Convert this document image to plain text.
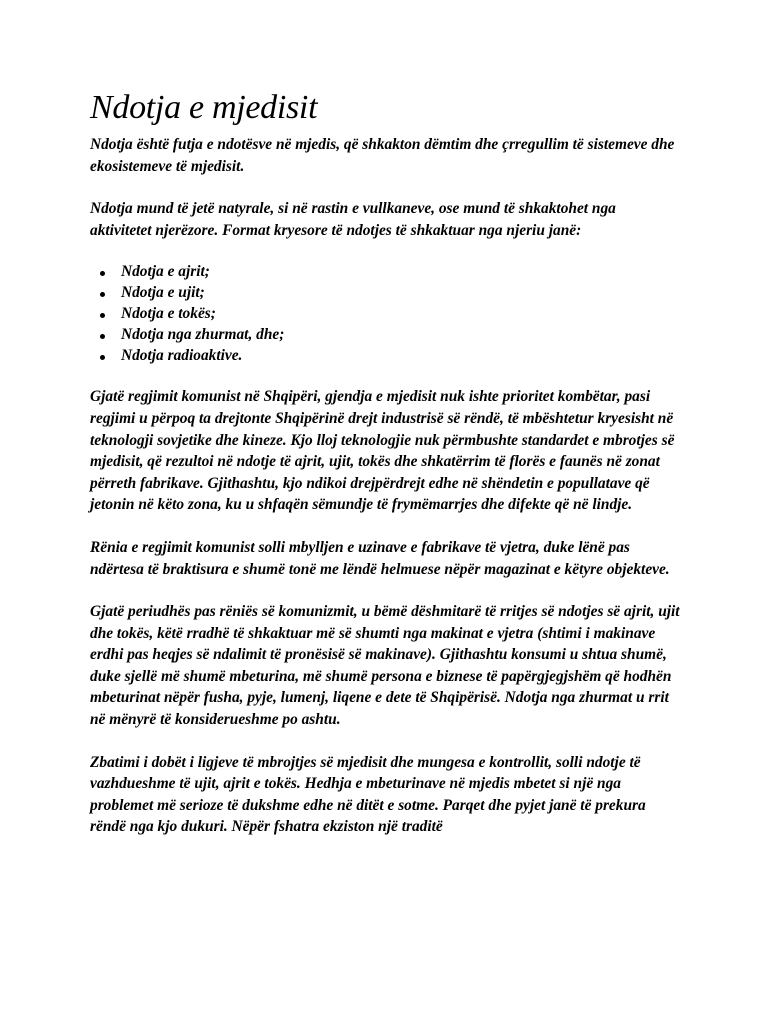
Ndotja e mjedisit

Ndotja është futja e ndotësve në mjedis, që shkakton dëmtim dhe çrregullim të sistemeve dhe ekosistemeve të mjedisit.

Ndotja mund të jetë natyrale, si në rastin e vullkaneve, ose mund të shkaktohet nga aktivitetet njerëzore. Format kryesore të ndotjes të shkaktuar nga njeriu janë:

Ndotja e ajrit;
Ndotja e ujit;
Ndotja e tokës;
Ndotja nga zhurmat, dhe;
Ndotja radioaktive.

Gjatë regjimit komunist në Shqipëri, gjendja e mjedisit nuk ishte prioritet kombëtar, pasi regjimi u përpoq ta drejtonte Shqipërinë drejt industrisë së rëndë, të mbështetur kryesisht në teknologji sovjetike dhe kineze. Kjo lloj teknologjie nuk përmbushte standardet e mbrotjes së mjedisit, që rezultoi në ndotje të ajrit, ujit, tokës dhe shkatërrim të florës e faunës në zonat përreth fabrikave. Gjithashtu, kjo ndikoi drejpërdrejt edhe në shëndetin e popullatave që jetonin në këto zona, ku u shfaqën sëmundje të frymëmarrjes dhe difekte që në lindje.

Rënia e regjimit komunist solli mbylljen e uzinave e fabrikave të vjetra, duke lënë pas ndërtesa të braktisura e shumë tonë me lëndë helmuese nëpër magazinat e këtyre objekteve.

Gjatë periudhës pas rëniës së komunizmit, u bëmë dëshmitarë të rritjes së ndotjes së ajrit, ujit dhe tokës, këtë rradhë të shkaktuar më së shumti nga makinat e vjetra (shtimi i makinave erdhi pas heqjes së ndalimit të pronësisë së makinave). Gjithashtu konsumi u shtua shumë, duke sjellë më shumë mbeturina, më shumë persona e biznese të papërgjegjshëm që hodhën mbeturinat nëpër fusha, pyje, lumenj, liqene e dete të Shqipërisë. Ndotja nga zhurmat u rrit në mënyrë të konsiderueshme po ashtu.

Zbatimi i dobët i ligjeve të mbrojtjes së mjedisit dhe mungesa e kontrollit, solli ndotje të vazhdueshme të ujit, ajrit e tokës. Hedhja e mbeturinave në mjedis mbetet si një nga problemet më serioze të dukshme edhe në ditët e sotme. Parqet dhe pyjet janë të prekura rëndë nga kjo dukuri. Nëpër fshatra ekziston një traditë
